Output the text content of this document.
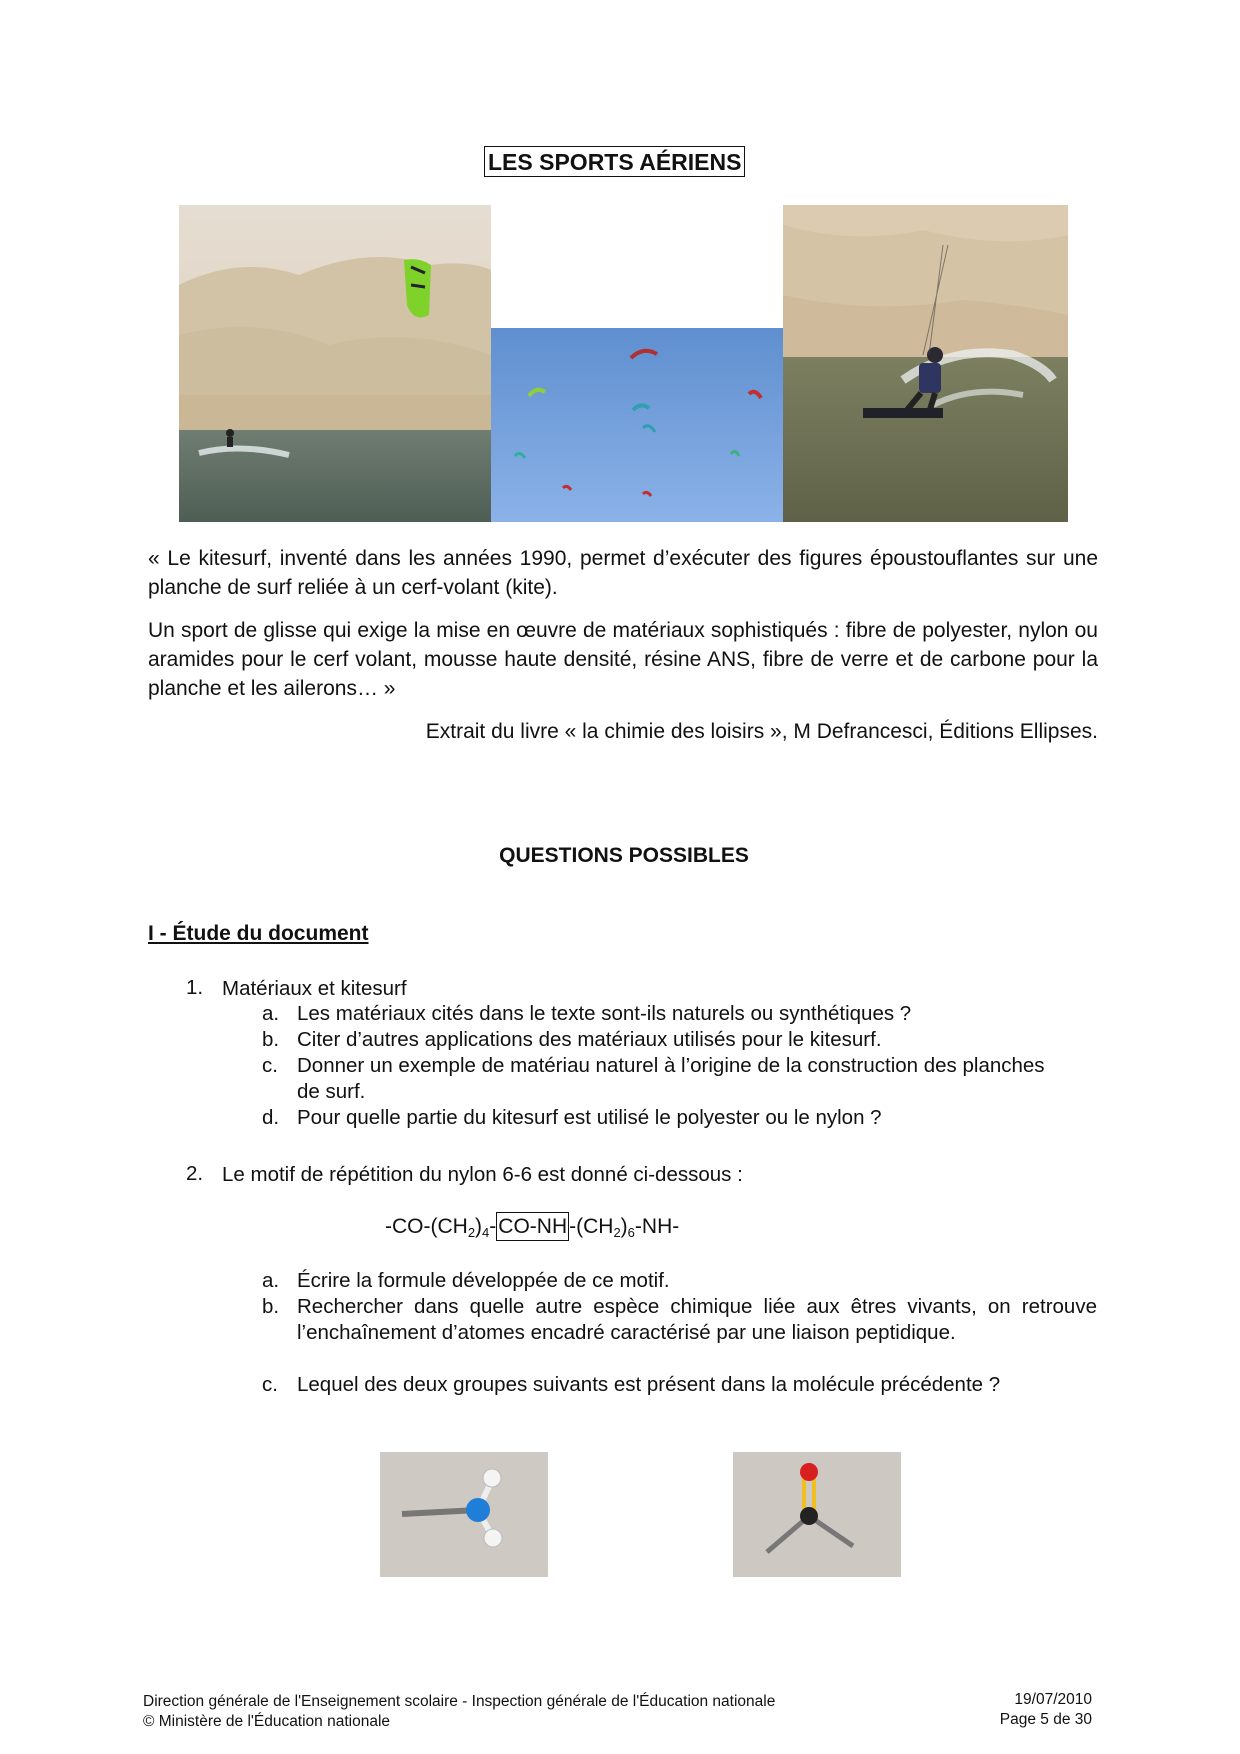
LES SPORTS AÉRIENS

« Le kitesurf, inventé dans les années 1990, permet d’exécuter des figures époustouflantes sur une planche de surf reliée à un cerf-volant (kite).

Un sport de glisse qui exige la mise en œuvre de matériaux sophistiqués : fibre de polyester, nylon ou aramides pour le cerf volant, mousse haute densité, résine ANS, fibre de verre et de carbone pour la planche et les ailerons… »

Extrait du livre « la chimie des loisirs », M Defrancesci, Éditions Ellipses.

QUESTIONS POSSIBLES
I - Étude du document
1. Matériaux et kitesurf
a. Les matériaux cités dans le texte sont-ils naturels ou synthétiques ?
b. Citer d’autres applications des matériaux utilisés pour le kitesurf.
c. Donner un exemple de matériau naturel à l’origine de la construction des planches de surf.
d. Pour quelle partie du kitesurf est utilisé le polyester ou le nylon ?
2. Le motif de répétition du nylon 6-6 est donné ci-dessous :
$-CO-(CH_2)_4-CO-NH-(CH_2)_6-NH-$
a. Écrire la formule développée de ce motif.
b. Rechercher dans quelle autre espèce chimique liée aux êtres vivants, on retrouve l’enchaînement d’atomes encadré caractérisé par une liaison peptidique.
c. Lequel des deux groupes suivants est présent dans la molécule précédente ?
Direction générale de l'Enseignement scolaire - Inspection générale de l'Éducation nationale
© Ministère de l'Éducation nationale
19/07/2010
Page 5 de 30
